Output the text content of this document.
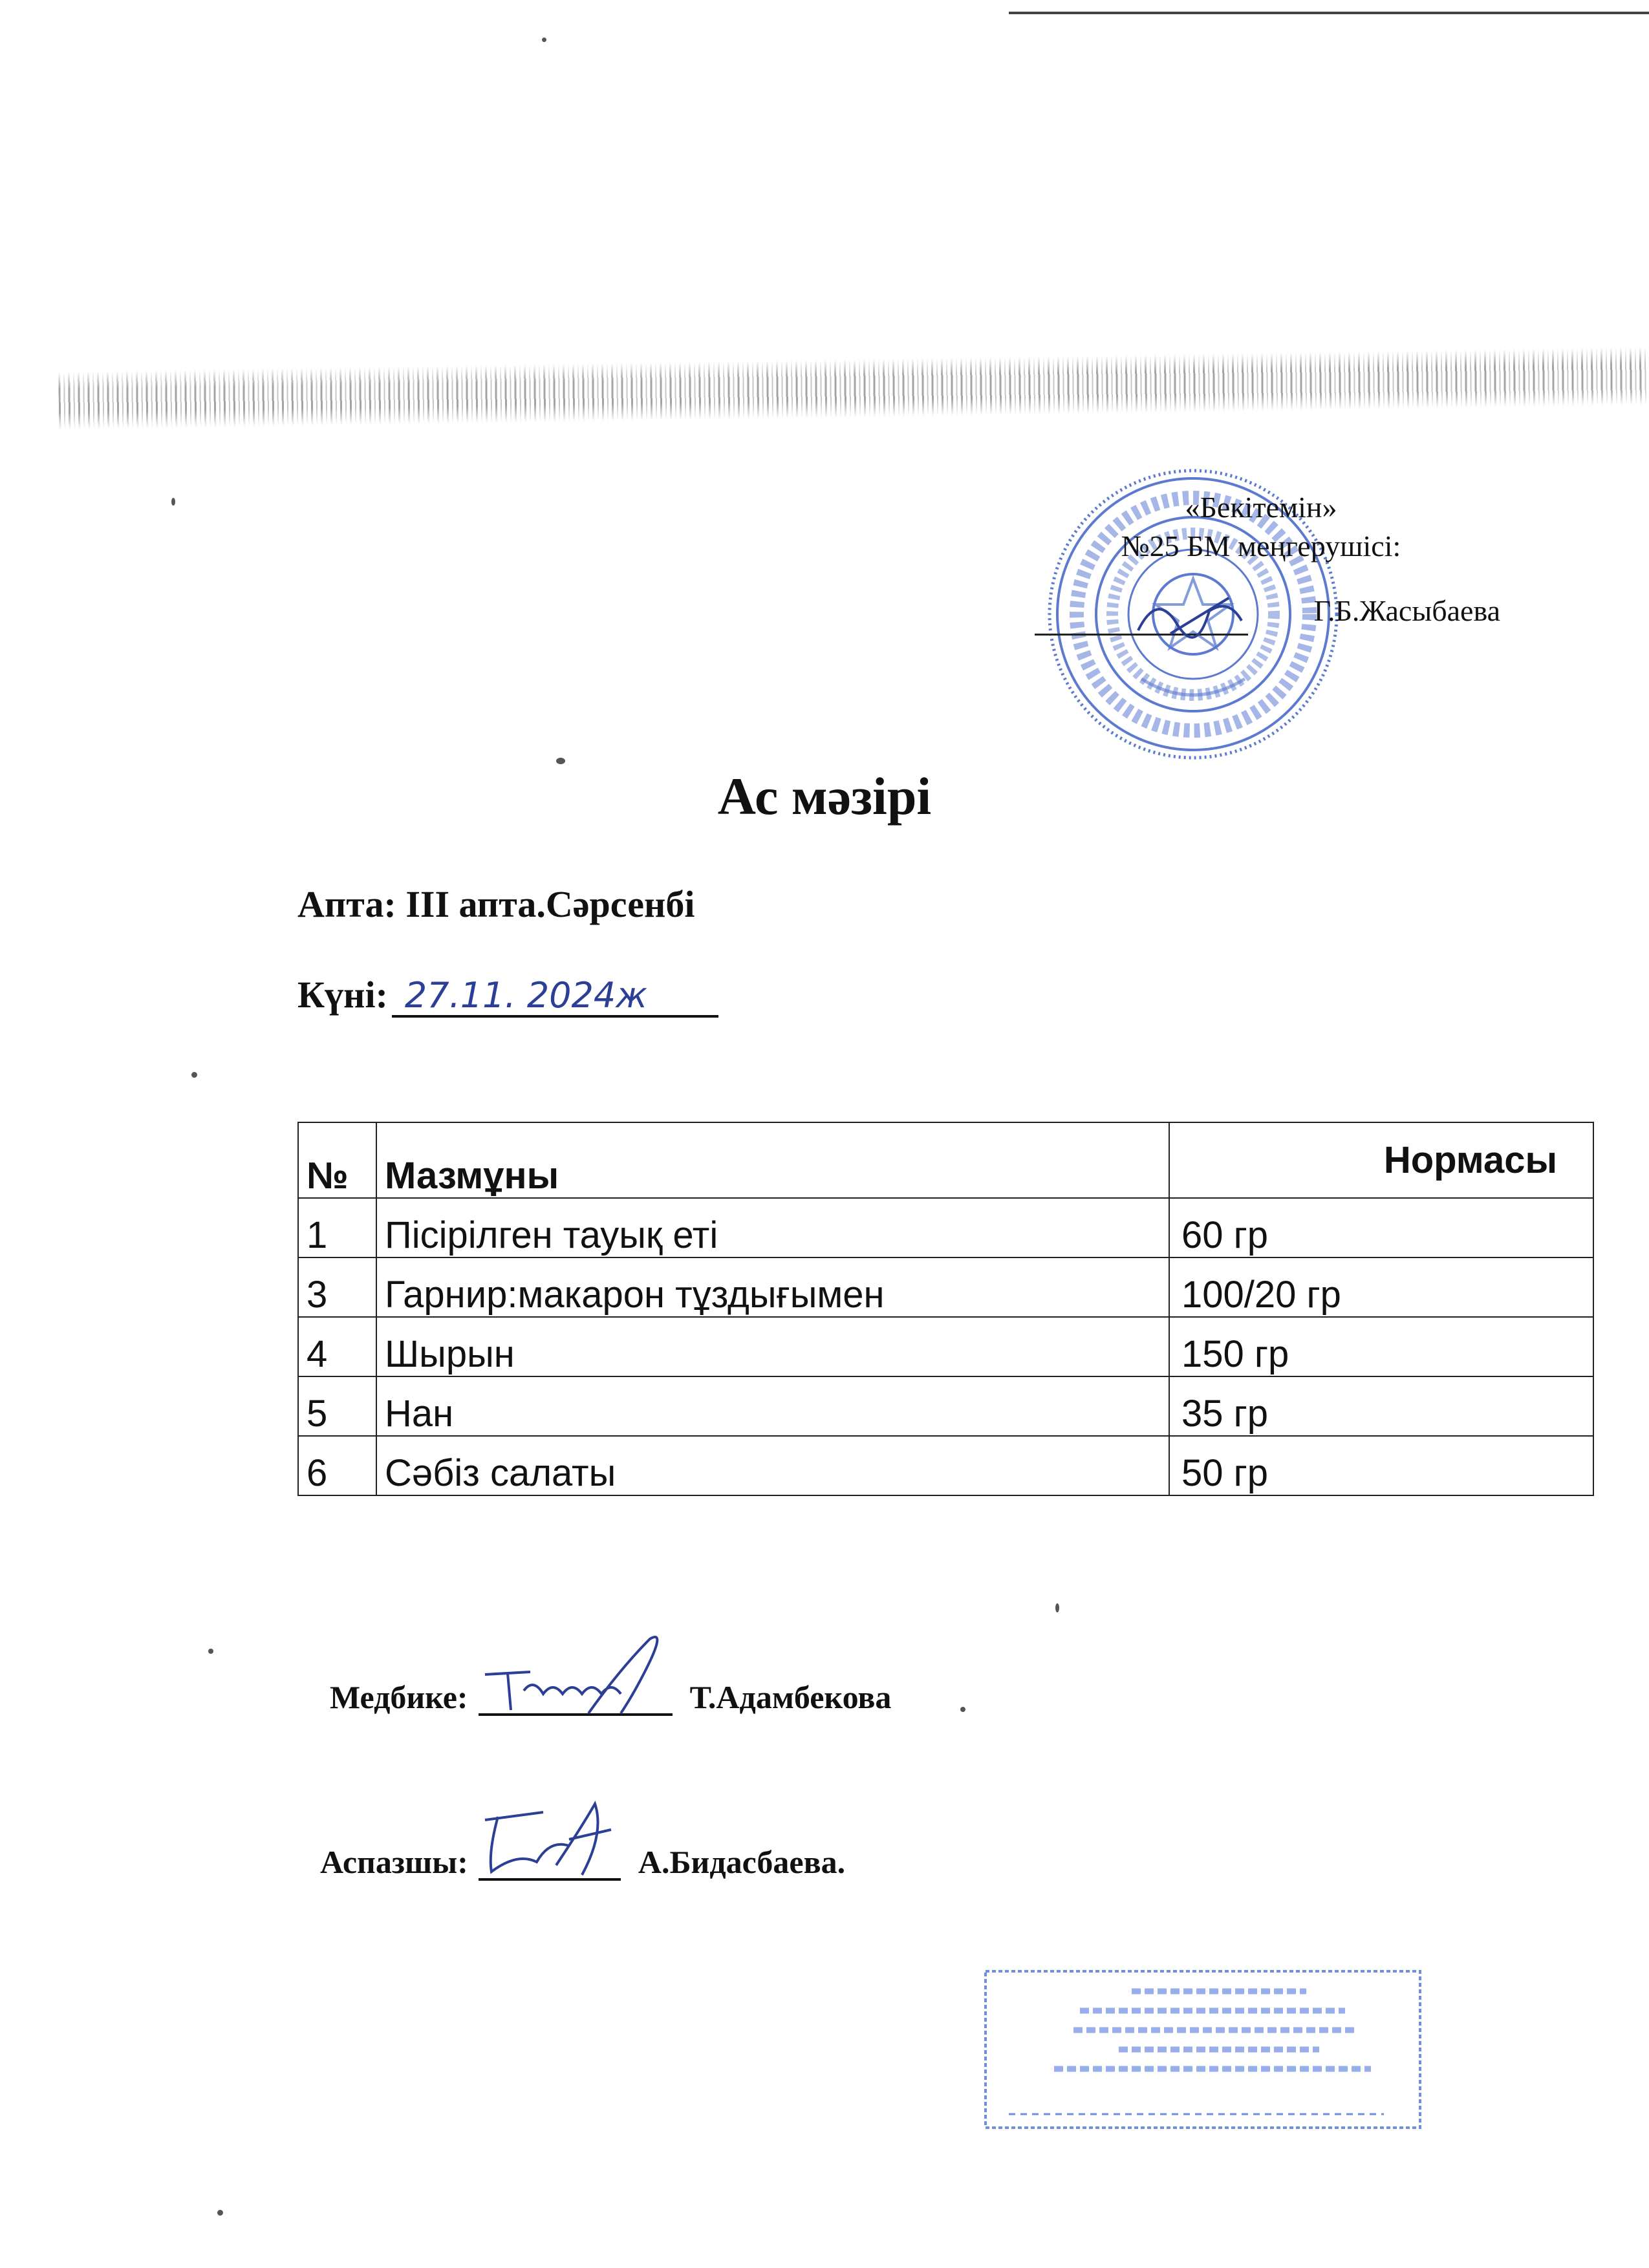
«Бекітемін»
№25 БМ меңгерушісі:
Г.Б.Жасыбаева
Ас мәзірі
Апта: III апта.Сәрсенбі
Күні: 27.11. 2024ж
№	Мазмұны	Нормасы
1	Пісірілген тауық еті	60 гр
3	Гарнир:макарон тұздығымен	100/20 гр
4	Шырын	150 гр
5	Нан	35 гр
6	Сәбіз салаты	50 гр
Медбике:	Т.Адамбекова
Аспазшы:	А.Бидасбаева.
